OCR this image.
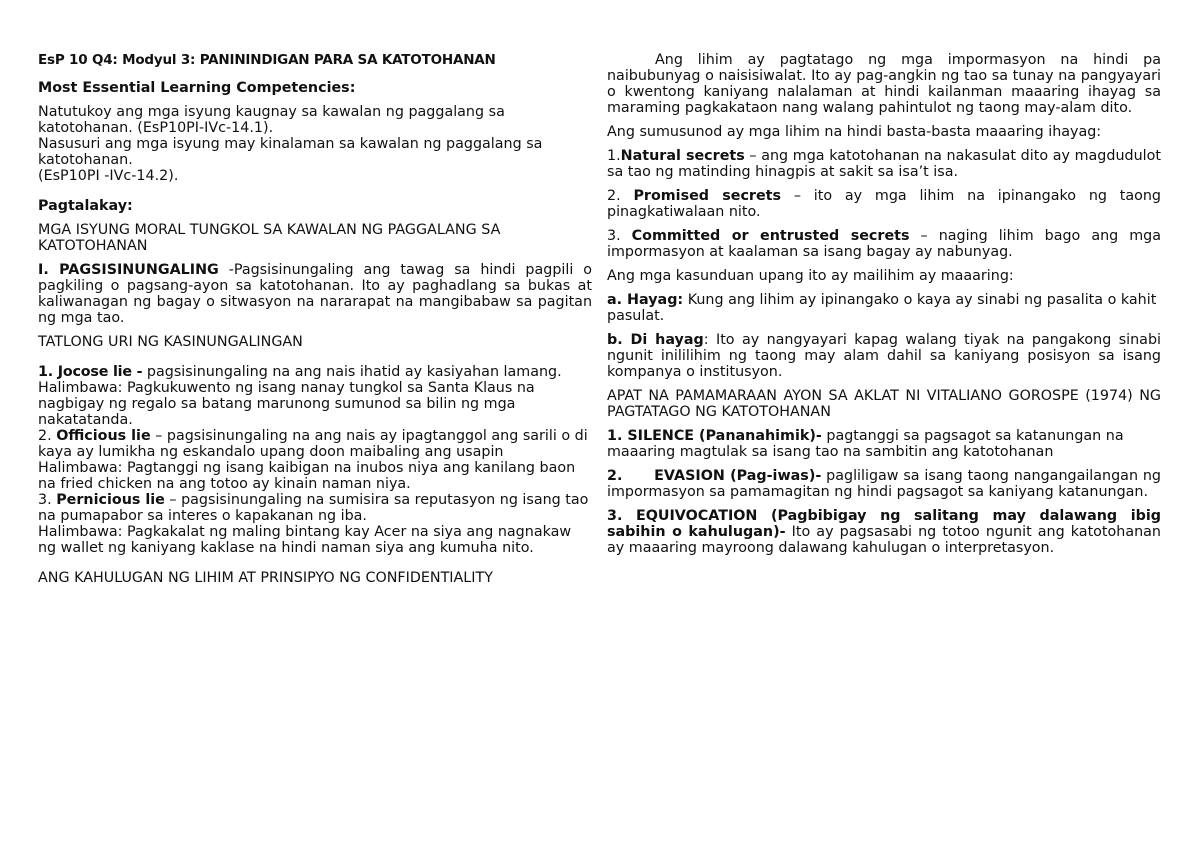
EsP 10 Q4: Modyul 3: PANININDIGAN PARA SA KATOTOHANAN

Most Essential Learning Competencies:

Natutukoy ang mga isyung kaugnay sa kawalan ng paggalang sa katotohanan. (EsP10PI-IVc-14.1).

Nasusuri ang mga isyung may kinalaman sa kawalan ng paggalang sa katotohanan.

(EsP10PI -IVc-14.2).

Pagtalakay:

MGA ISYUNG MORAL TUNGKOL SA KAWALAN NG PAGGALANG SA KATOTOHANAN

I. PAGSISINUNGALING -Pagsisinungaling ang tawag sa hindi pagpili o pagkiling o pagsang-ayon sa katotohanan. Ito ay paghadlang sa bukas at kaliwanagan ng bagay o sitwasyon na nararapat na mangibabaw sa pagitan ng mga tao.

TATLONG URI NG KASINUNGALINGAN

1. Jocose lie - pagsisinungaling na ang nais ihatid ay kasiyahan lamang.

Halimbawa: Pagkukuwento ng isang nanay tungkol sa Santa Klaus na nagbigay ng regalo sa batang marunong sumunod sa bilin ng mga nakatatanda.

2. Officious lie – pagsisinungaling na ang nais ay ipagtanggol ang sarili o di kaya ay lumikha ng eskandalo upang doon maibaling ang usapin

Halimbawa: Pagtanggi ng isang kaibigan na inubos niya ang kanilang baon na fried chicken na ang totoo ay kinain naman niya.

3. Pernicious lie – pagsisinungaling na sumisira sa reputasyon ng isang tao na pumapabor sa interes o kapakanan ng iba.

Halimbawa: Pagkakalat ng maling bintang kay Acer na siya ang nagnakaw ng wallet ng kaniyang kaklase na hindi naman siya ang kumuha nito.

ANG KAHULUGAN NG LIHIM AT PRINSIPYO NG CONFIDENTIALITY

Ang lihim ay pagtatago ng mga impormasyon na hindi pa naibubunyag o naisisiwalat. Ito ay pag-angkin ng tao sa tunay na pangyayari o kwentong kaniyang nalalaman at hindi kailanman maaaring ihayag sa maraming pagkakataon nang walang pahintulot ng taong may-alam dito.

Ang sumusunod ay mga lihim na hindi basta-basta maaaring ihayag:

1.Natural secrets – ang mga katotohanan na nakasulat dito ay magdudulot sa tao ng matinding hinagpis at sakit sa isa’t isa.

2. Promised secrets – ito ay mga lihim na ipinangako ng taong pinagkatiwalaan nito.

3. Committed or entrusted secrets – naging lihim bago ang mga impormasyon at kaalaman sa isang bagay ay nabunyag.

Ang mga kasunduan upang ito ay mailihim ay maaaring:

a. Hayag: Kung ang lihim ay ipinangako o kaya ay sinabi ng pasalita o kahit pasulat.

b. Di hayag: Ito ay nangyayari kapag walang tiyak na pangakong sinabi ngunit inililihim ng taong may alam dahil sa kaniyang posisyon sa isang kompanya o institusyon.

APAT NA PAMAMARAAN AYON SA AKLAT NI VITALIANO GOROSPE (1974) NG PAGTATAGO NG KATOTOHANAN

1. SILENCE (Pananahimik)- pagtanggi sa pagsagot sa katanungan na maaaring magtulak sa isang tao na sambitin ang katotohanan

2.      EVASION (Pag-iwas)- pagliligaw sa isang taong nangangailangan ng impormasyon sa pamamagitan ng hindi pagsagot sa kaniyang katanungan.

3. EQUIVOCATION (Pagbibigay ng salitang may dalawang ibig sabihin o kahulugan)- Ito ay pagsasabi ng totoo ngunit ang katotohanan ay maaaring mayroong dalawang kahulugan o interpretasyon.
